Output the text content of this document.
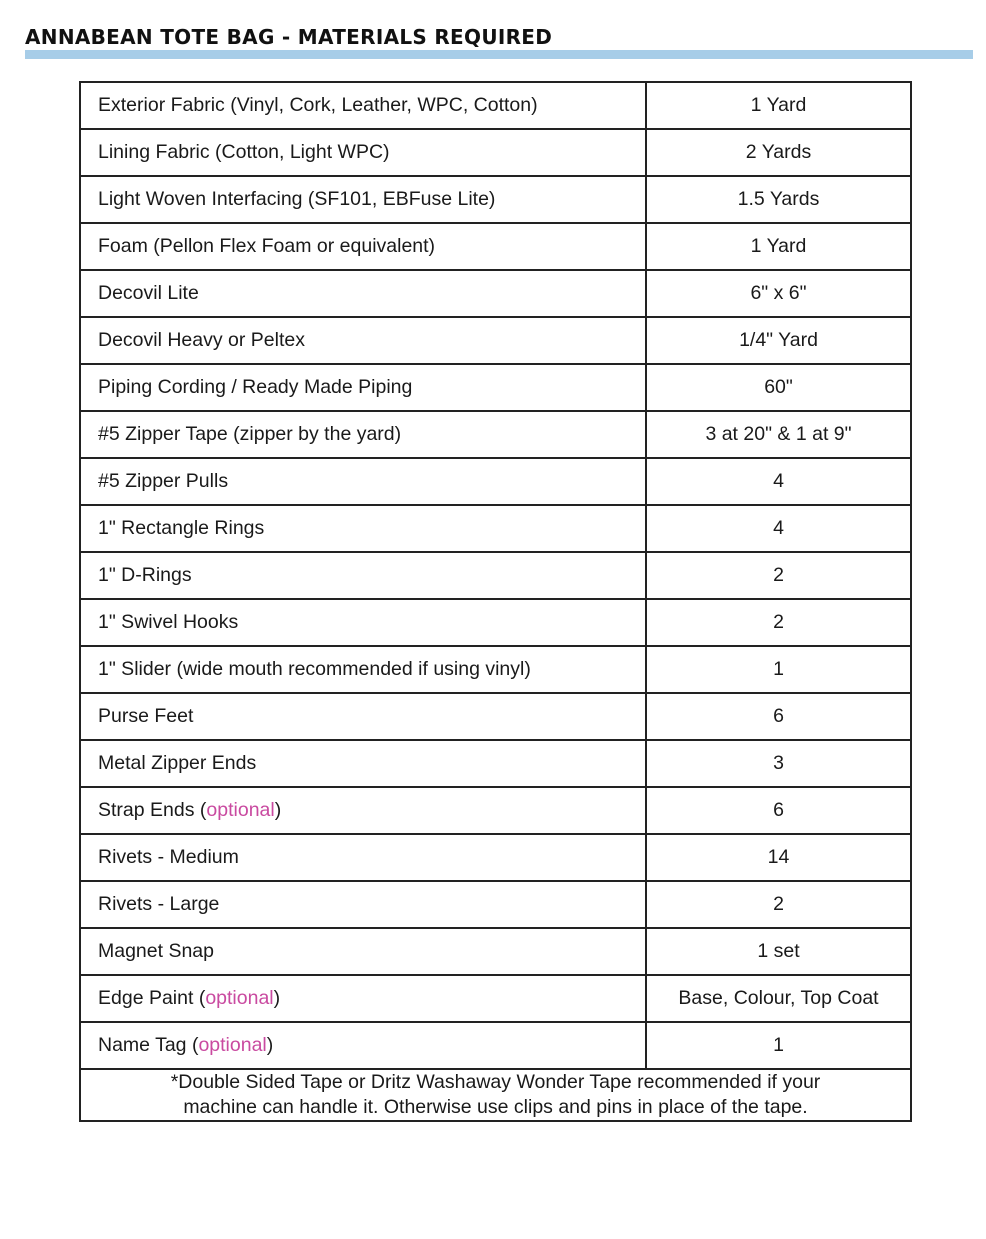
ANNABEAN TOTE BAG - MATERIALS REQUIRED
Exterior Fabric (Vinyl, Cork, Leather, WPC, Cotton)	1 Yard
Lining Fabric (Cotton, Light WPC)	2 Yards
Light Woven Interfacing (SF101, EBFuse Lite)	1.5 Yards
Foam (Pellon Flex Foam or equivalent)	1 Yard
Decovil Lite	6" x 6"
Decovil Heavy or Peltex	1/4" Yard
Piping Cording / Ready Made Piping	60"
#5 Zipper Tape (zipper by the yard)	3 at 20" & 1 at 9"
#5 Zipper Pulls	4
1" Rectangle Rings	4
1" D-Rings	2
1" Swivel Hooks	2
1" Slider (wide mouth recommended if using vinyl)	1
Purse Feet	6
Metal Zipper Ends	3
Strap Ends (optional)	6
Rivets - Medium	14
Rivets - Large	2
Magnet Snap	1 set
Edge Paint (optional)	Base, Colour, Top Coat
Name Tag (optional)	1
*Double Sided Tape or Dritz Washaway Wonder Tape recommended if your
machine can handle it. Otherwise use clips and pins in place of the tape.	
